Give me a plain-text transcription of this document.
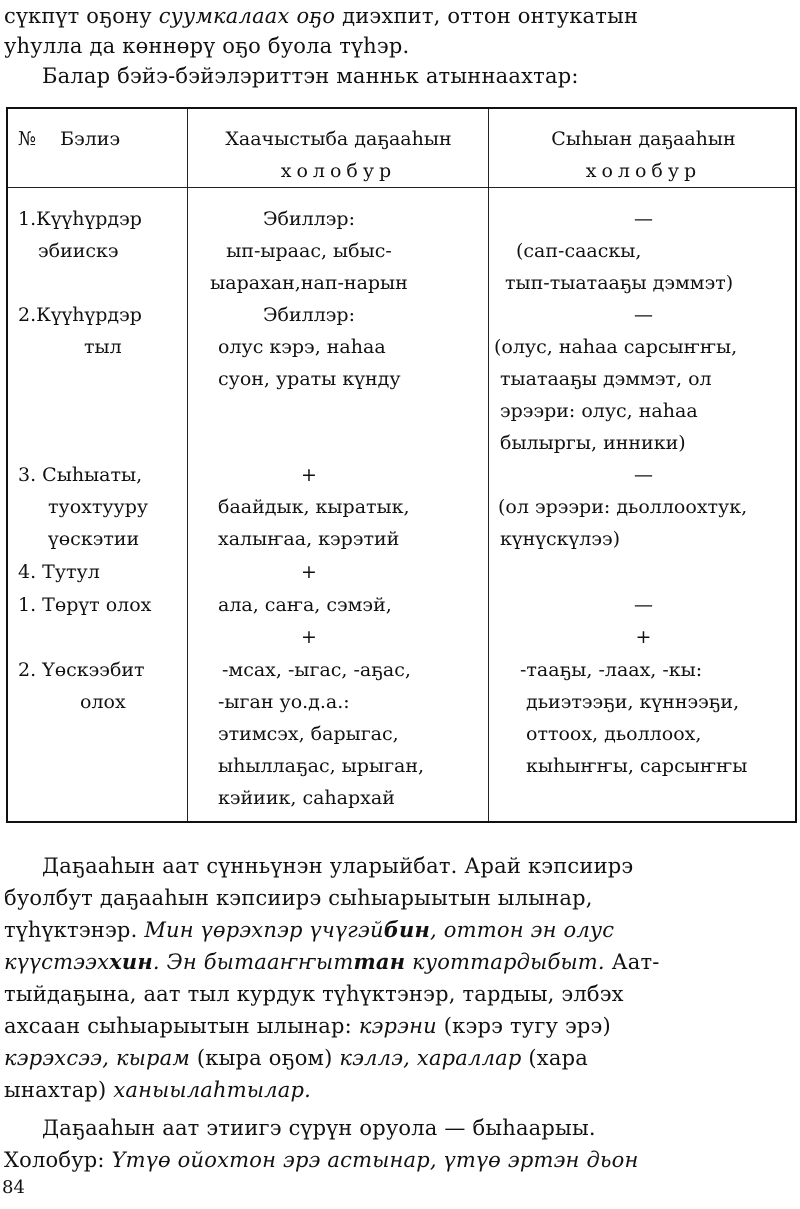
сүкпүт оҕону суумкалаах оҕо диэхпит, оттон онтукатын
уһулла да көннөрү оҕо буола түһэр.
Балар бэйэ-бэйэлэриттэн манньк атыннаахтар:
№    Бэлиэ	Хаачыстыба даҕааһын
холобур
Сыһыан даҕааһын
холобур
1.Күүһүрдэр
эбиискэ
2.Күүһүрдэр
тыл
3. Сыһыаты,
туохтууру
үөскэтии
4. Тутул
1. Төрүт олох
2. Үөскээбит
олох
Эбиллэр:
ып-ыраас, ыбыс-
ыарахан,нап-нарын
Эбиллэр:
олус кэрэ, наһаа
суон, ураты күнду
+
баайдык, кыратык,
халыҥаа, кэрэтий
+
ала, саҥа, сэмэй,
+
-мсах, -ыгас, -аҕас,
-ыган уо.д.а.:
этимсэх, барыгас,
ыһыллаҕас, ырыган,
кэйиик, саһархай
—
(сап-сааскы,
тып-тыатааҕы дэммэт)
—
(олус, наһаа сарсыҥҥы,
тыатааҕы дэммэт, ол
эрээри: олус, наһаа
былыргы, инники)
—
(ол эрээри: дьоллоохтук,
күнүскүлээ)
—
+
-тааҕы, -лаах, -кы:
дьиэтээҕи, күннээҕи,
оттоох, дьоллоох,
кыһыҥҥы, сарсыҥҥы
Даҕааһын аат сүнньүнэн уларыйбат. Арай кэпсиирэ
буолбут даҕааһын кэпсиирэ сыһыарыытын ылынар,
түһүктэнэр. Мин үөрэхпэр үчүгэйбин, оттон эн олус
күүстээххин. Эн бытааҥҥыттан куоттардыбыт. Аат-
тыйдаҕына, аат тыл курдук түһүктэнэр, тардыы, элбэх
ахсаан сыһыарыытын ылынар: кэрэни (кэрэ тугу эрэ)
кэрэхсээ, кырам (кыра оҕом) кэллэ, хараллар (хара
ынахтар) ханыылаһтылар.
Даҕааһын аат этиигэ сүрүн оруола — быһаарыы.
Холобур: Үтүө ойохтон эрэ астынар, үтүө эртэн дьон
84
